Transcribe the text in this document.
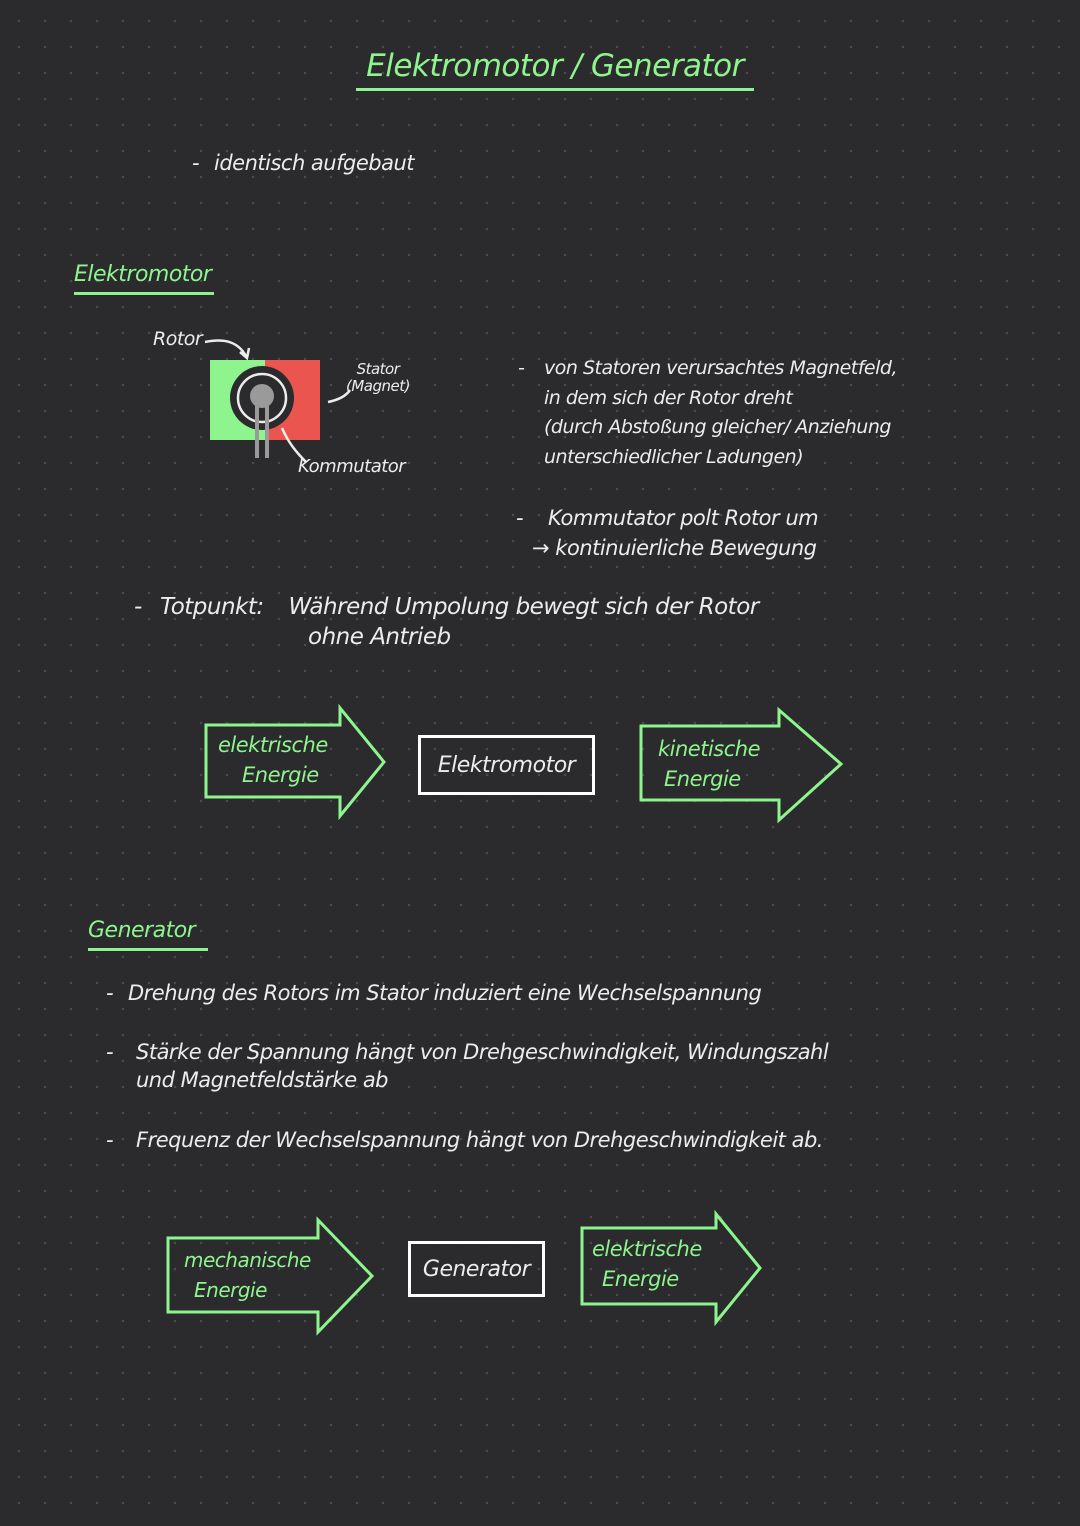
Elektromotor / Generator
- identisch aufgebaut
Elektromotor
Rotor
Stator
(Magnet)
Kommutator
- von Statoren verursachtes Magnetfeld,
in dem sich der Rotor dreht
(durch Abstoßung gleicher/ Anziehung
unterschiedlicher Ladungen)
- Kommutator polt Rotor um
→ kontinuierliche Bewegung
- Totpunkt: Während Umpolung bewegt sich der Rotor
ohne Antrieb
elektrische
Energie	Elektromotor
kinetische
Energie
Generator
- Drehung des Rotors im Stator induziert eine Wechselspannung
- Stärke der Spannung hängt von Drehgeschwindigkeit, Windungszahl
und Magnetfeldstärke ab
- Frequenz der Wechselspannung hängt von Drehgeschwindigkeit ab.
mechanische
Energie
Generator
elektrische
Energie
